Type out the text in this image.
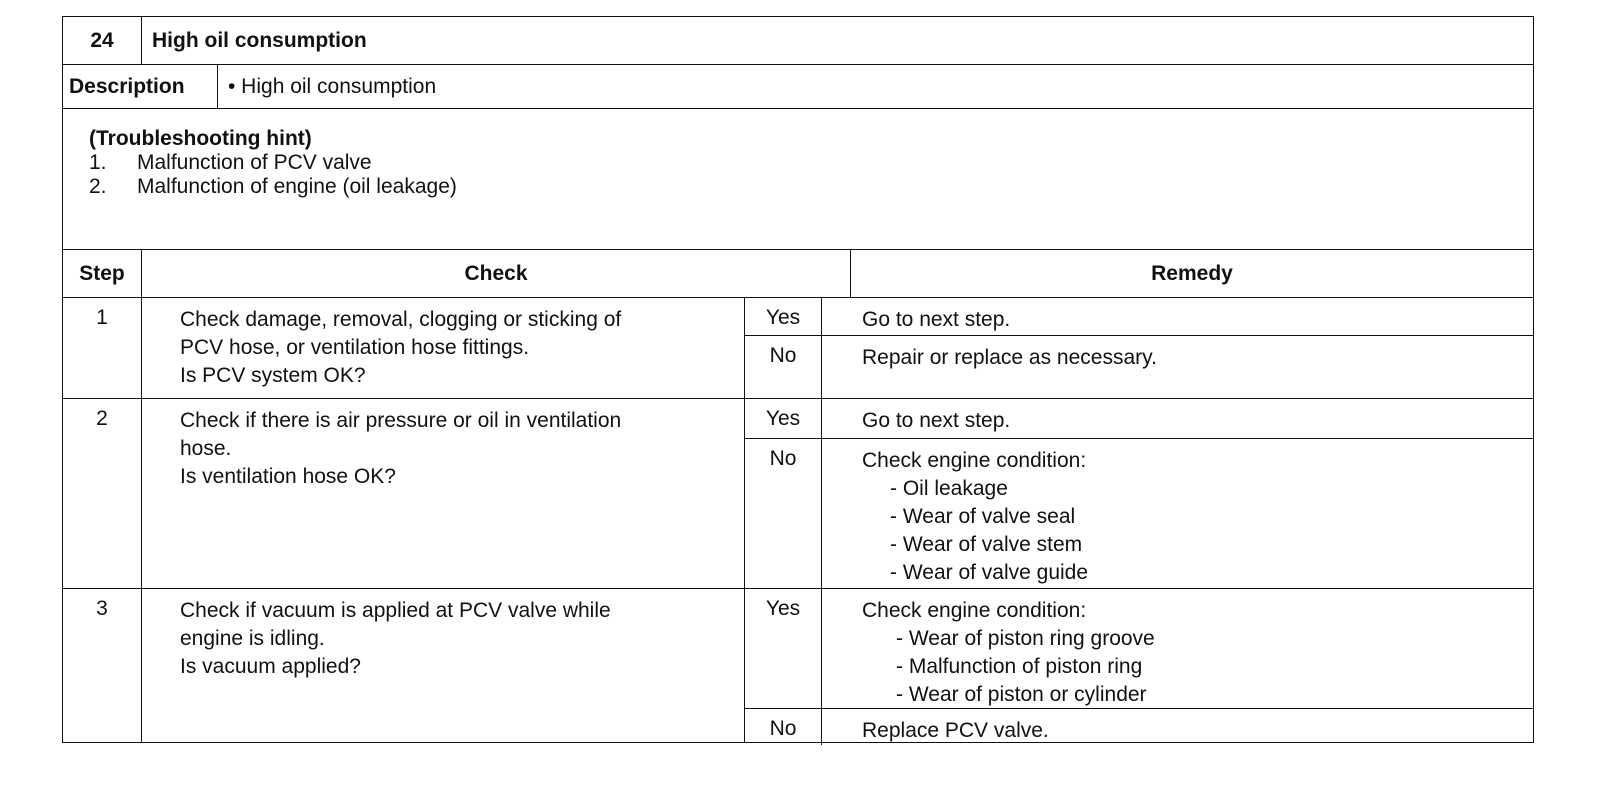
24	High oil consumption
Description	• High oil consumption
(Troubleshooting hint)
1.	Malfunction of PCV valve
2.	Malfunction of engine (oil leakage)
Step	Check	Remedy
1	Check damage, removal, clogging or sticking of
PCV hose, or ventilation hose fittings.
Is PCV system OK?
Yes	Go to next step.
No	Repair or replace as necessary.
2	Check if there is air pressure or oil in ventilation
hose.
Is ventilation hose OK?
Yes	Go to next step.
No	Check engine condition:
- Oil leakage
- Wear of valve seal
- Wear of valve stem
- Wear of valve guide
3	Check if vacuum is applied at PCV valve while
engine is idling.
Is vacuum applied?
Yes	Check engine condition:
- Wear of piston ring groove
- Malfunction of piston ring
- Wear of piston or cylinder
No	Replace PCV valve.
